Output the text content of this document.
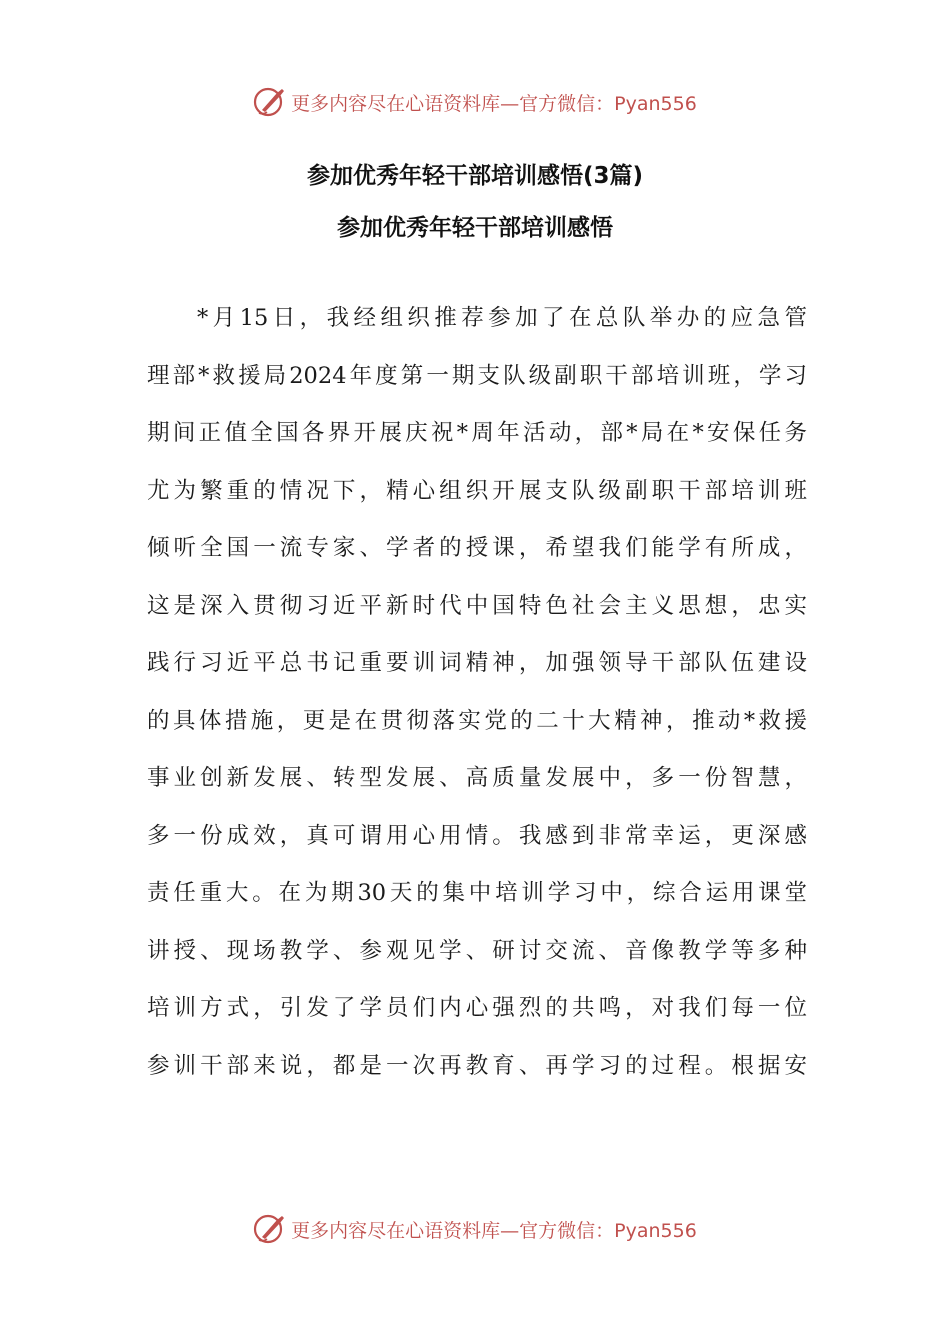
更多内容尽在心语资料库—官方微信：Pyan556
参加优秀年轻干部培训感悟(3篇)
参加优秀年轻干部培训感悟
*月15日，我经组织推荐参加了在总队举办的应急管
理部*救援局2024年度第一期支队级副职干部培训班，学习
期间正值全国各界开展庆祝*周年活动，部*局在*安保任务
尤为繁重的情况下，精心组织开展支队级副职干部培训班
倾听全国一流专家、学者的授课，希望我们能学有所成，
这是深入贯彻习近平新时代中国特色社会主义思想，忠实
践行习近平总书记重要训词精神，加强领导干部队伍建设
的具体措施，更是在贯彻落实党的二十大精神，推动*救援
事业创新发展、转型发展、高质量发展中，多一份智慧，
多一份成效，真可谓用心用情。我感到非常幸运，更深感
责任重大。在为期30天的集中培训学习中，综合运用课堂
讲授、现场教学、参观见学、研讨交流、音像教学等多种
培训方式，引发了学员们内心强烈的共鸣，对我们每一位
参训干部来说，都是一次再教育、再学习的过程。根据安
更多内容尽在心语资料库—官方微信：Pyan556
